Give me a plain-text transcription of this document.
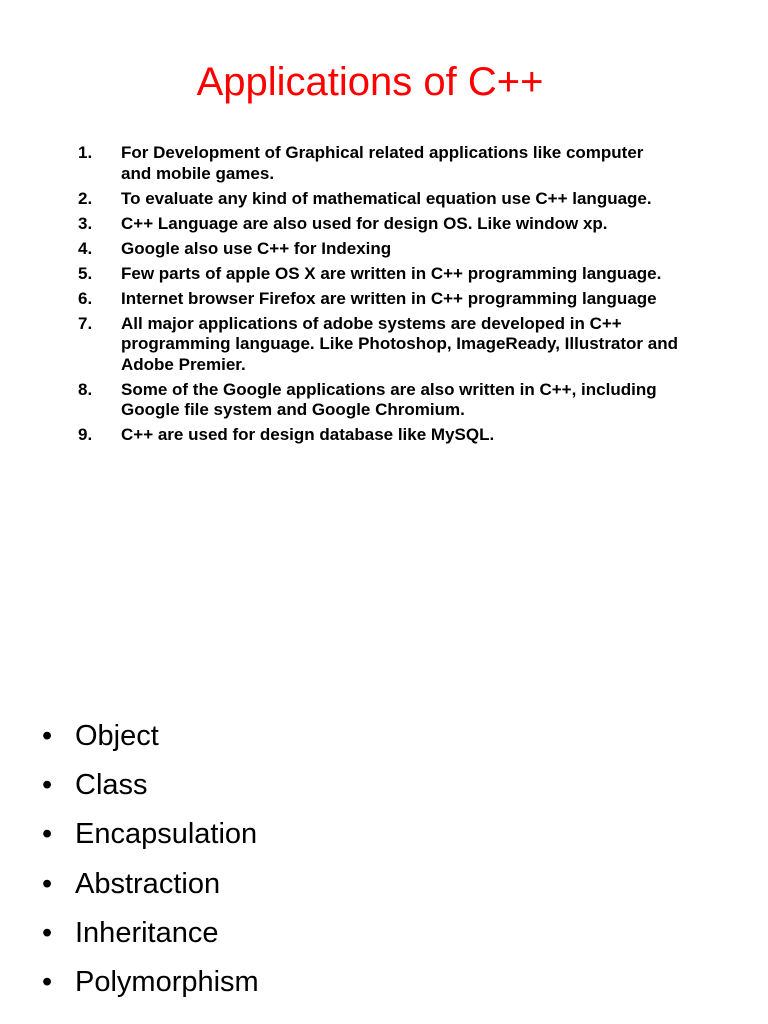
Applications of C++
1.	For Development of Graphical related applications like computer and mobile games.
2.	To evaluate any kind of mathematical equation use C++ language.
3.	C++ Language are also used for design OS. Like window xp.
4.	Google also use C++ for Indexing
5.	Few parts of apple OS X are written in C++ programming language.
6.	Internet browser Firefox are written in C++ programming language
7.	All major applications of adobe systems are developed in C++ programming language. Like Photoshop, ImageReady, Illustrator and Adobe Premier.
8.	Some of the Google applications are also written in C++, including Google file system and Google Chromium.
9.	C++ are used for design database like MySQL.
• Object
• Class
• Encapsulation
• Abstraction
• Inheritance
• Polymorphism
